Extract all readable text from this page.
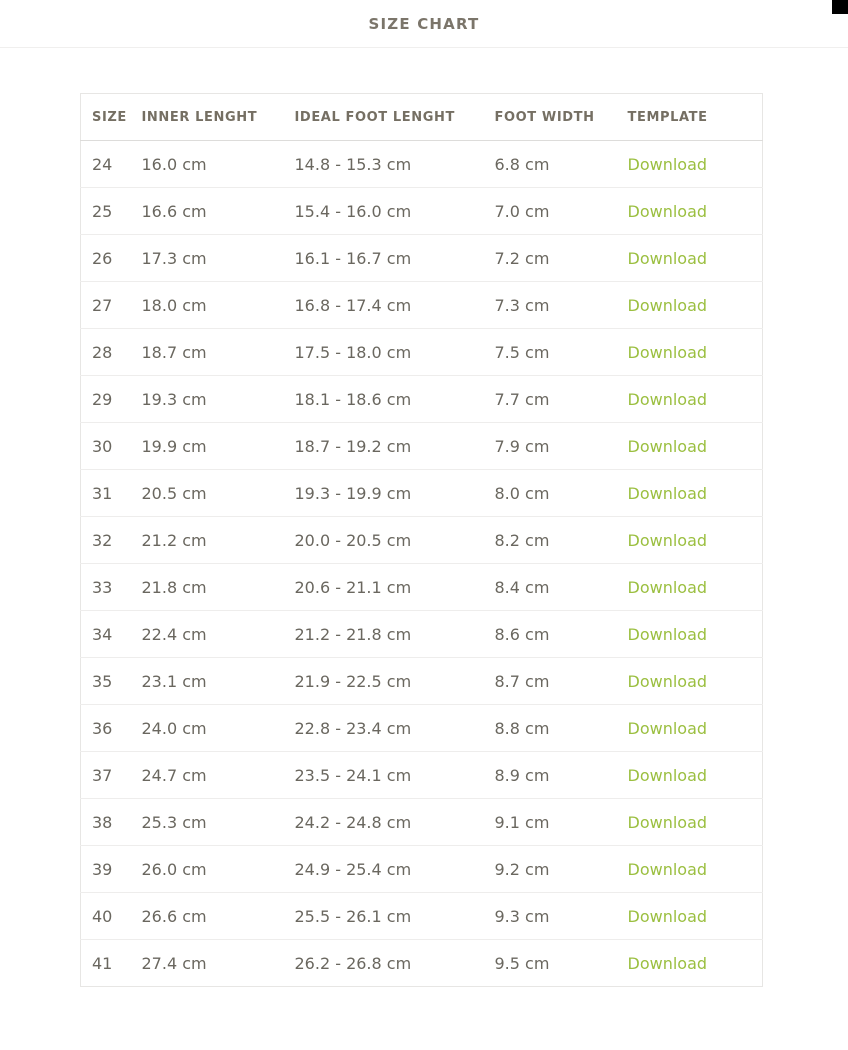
SIZE CHART
SIZE	INNER LENGHT	IDEAL FOOT LENGHT	FOOT WIDTH	TEMPLATE
24	16.0 cm	14.8 - 15.3 cm	6.8 cm	Download
25	16.6 cm	15.4 - 16.0 cm	7.0 cm	Download
26	17.3 cm	16.1 - 16.7 cm	7.2 cm	Download
27	18.0 cm	16.8 - 17.4 cm	7.3 cm	Download
28	18.7 cm	17.5 - 18.0 cm	7.5 cm	Download
29	19.3 cm	18.1 - 18.6 cm	7.7 cm	Download
30	19.9 cm	18.7 - 19.2 cm	7.9 cm	Download
31	20.5 cm	19.3 - 19.9 cm	8.0 cm	Download
32	21.2 cm	20.0 - 20.5 cm	8.2 cm	Download
33	21.8 cm	20.6 - 21.1 cm	8.4 cm	Download
34	22.4 cm	21.2 - 21.8 cm	8.6 cm	Download
35	23.1 cm	21.9 - 22.5 cm	8.7 cm	Download
36	24.0 cm	22.8 - 23.4 cm	8.8 cm	Download
37	24.7 cm	23.5 - 24.1 cm	8.9 cm	Download
38	25.3 cm	24.2 - 24.8 cm	9.1 cm	Download
39	26.0 cm	24.9 - 25.4 cm	9.2 cm	Download
40	26.6 cm	25.5 - 26.1 cm	9.3 cm	Download
41	27.4 cm	26.2 - 26.8 cm	9.5 cm	Download
